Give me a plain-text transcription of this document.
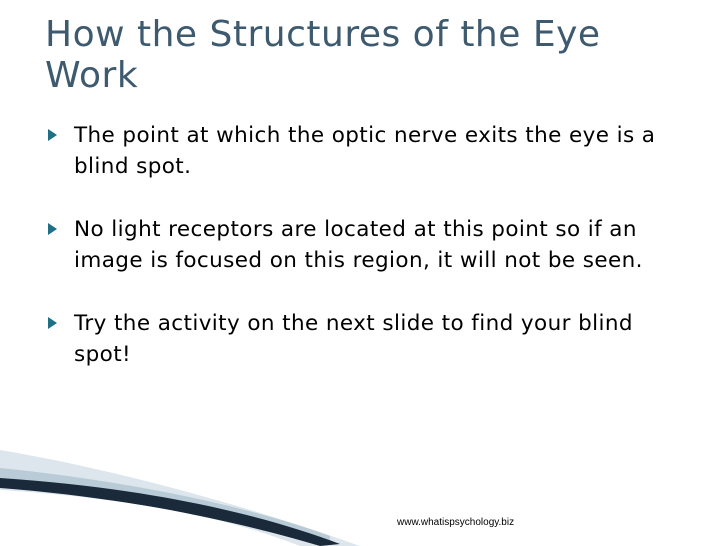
How the Structures of the Eye Work
The point at which the optic nerve exits the eye is a blind spot.
No light receptors are located at this point so if an image is focused on this region, it will not be seen.
Try the activity on the next slide to find your blind spot!
www.whatispsychology.biz
